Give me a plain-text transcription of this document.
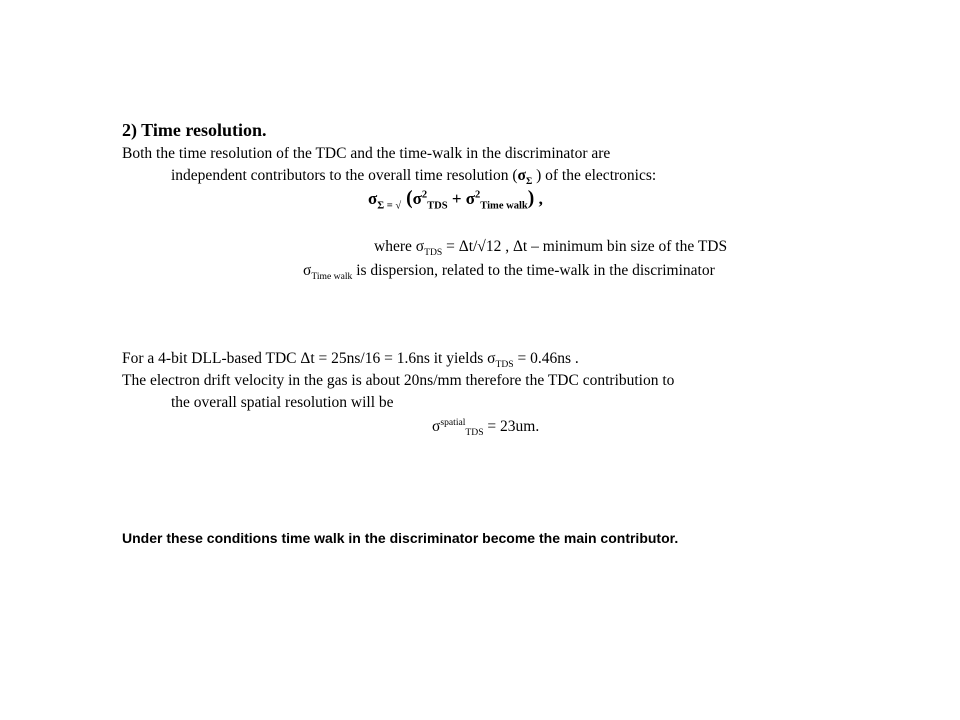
2) Time resolution.
Both the time resolution of the TDC and the time-walk in the discriminator are
independent contributors to the overall time resolution ($\sigma_\Sigma$ ) of the electronics:
$\sigma_{\Sigma = √}$ $(\sigma^2_{TDS} + \sigma^2_{Time walk})$ ,
where $\sigma_{TDS} = \Delta t/√12$ , Δt – minimum bin size of the TDS
$\sigma_{Time walk}$ is dispersion, related to the time-walk in the discriminator
For a 4-bit DLL-based TDC Δt = 25ns/16 = 1.6ns it yields $\sigma_{TDS} = 0.46ns$ .
The electron drift velocity in the gas is about 20ns/mm therefore the TDC contribution to
the overall spatial resolution will be
$\sigma^{spatial}_{TDS} = 23um$.
Under these conditions time walk in the discriminator become the main contributor.
